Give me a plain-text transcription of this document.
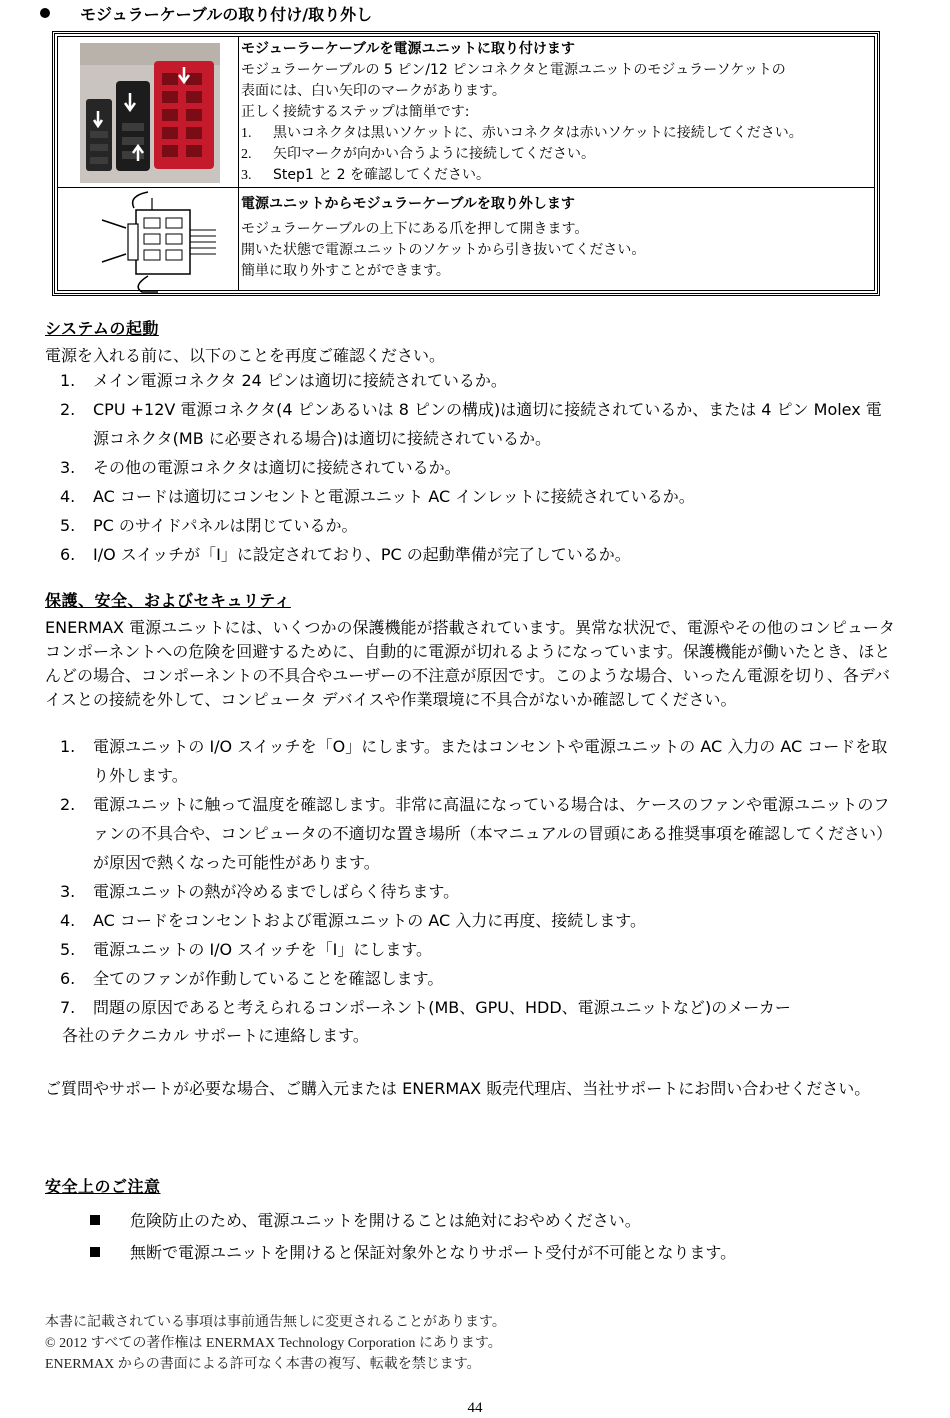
モジュラーケーブルの取り付け/取り外し
モジューラーケーブルを電源ユニットに取り付けます
モジュラーケーブルの 5 ピン/12 ピンコネクタと電源ユニットのモジュラーソケットの
表面には、白い矢印のマークがあります。
正しく接続するステップは簡単です:
1. 黒いコネクタは黒いソケットに、赤いコネクタは赤いソケットに接続してください。
2. 矢印マークが向かい合うように接続してください。
3. Step1 と 2 を確認してください。
電源ユニットからモジュラーケーブルを取り外します
モジュラーケーブルの上下にある爪を押して開きます。
開いた状態で電源ユニットのソケットから引き抜いてください。
簡単に取り外すことができます。
システムの起動
電源を入れる前に、以下のことを再度ご確認ください。
1. メイン電源コネクタ 24 ピンは適切に接続されているか。
2. CPU +12V 電源コネクタ(4 ピンあるいは 8 ピンの構成)は適切に接続されているか、または 4 ピン Molex 電源コネクタ(MB に必要される場合)は適切に接続されているか。
3. その他の電源コネクタは適切に接続されているか。
4. AC コードは適切にコンセントと電源ユニット AC インレットに接続されているか。
5. PC のサイドパネルは閉じているか。
6. I/O スイッチが「I」に設定されており、PC の起動準備が完了しているか。
保護、安全、およびセキュリティ
ENERMAX 電源ユニットには、いくつかの保護機能が搭載されています。異常な状況で、電源やその他のコンピュータ コンポーネントへの危険を回避するために、自動的に電源が切れるようになっています。保護機能が働いたとき、ほとんどの場合、コンポーネントの不具合やユーザーの不注意が原因です。このような場合、いったん電源を切り、各デバイスとの接続を外して、コンピュータ デバイスや作業環境に不具合がないか確認してください。
1. 電源ユニットの I/O スイッチを「O」にします。またはコンセントや電源ユニットの AC 入力の AC コードを取り外します。
2. 電源ユニットに触って温度を確認します。非常に高温になっている場合は、ケースのファンや電源ユニットのファンの不具合や、コンピュータの不適切な置き場所（本マニュアルの冒頭にある推奨事項を確認してください）が原因で熱くなった可能性があります。
3. 電源ユニットの熱が冷めるまでしばらく待ちます。
4. AC コードをコンセントおよび電源ユニットの AC 入力に再度、接続します。
5. 電源ユニットの I/O スイッチを「I」にします。
6. 全てのファンが作動していることを確認します。
7. 問題の原因であると考えられるコンポーネント(MB、GPU、HDD、電源ユニットなど)のメーカー
各社のテクニカル サポートに連絡します。
ご質問やサポートが必要な場合、ご購入元または ENERMAX 販売代理店、当社サポートにお問い合わせください。
安全上のご注意
危険防止のため、電源ユニットを開けることは絶対におやめください。
無断で電源ユニットを開けると保証対象外となりサポート受付が不可能となります。
本書に記載されている事項は事前通告無しに変更されることがあります。
© 2012 すべての著作権は ENERMAX Technology Corporation にあります。
ENERMAX からの書面による許可なく本書の複写、転載を禁じます。
44
